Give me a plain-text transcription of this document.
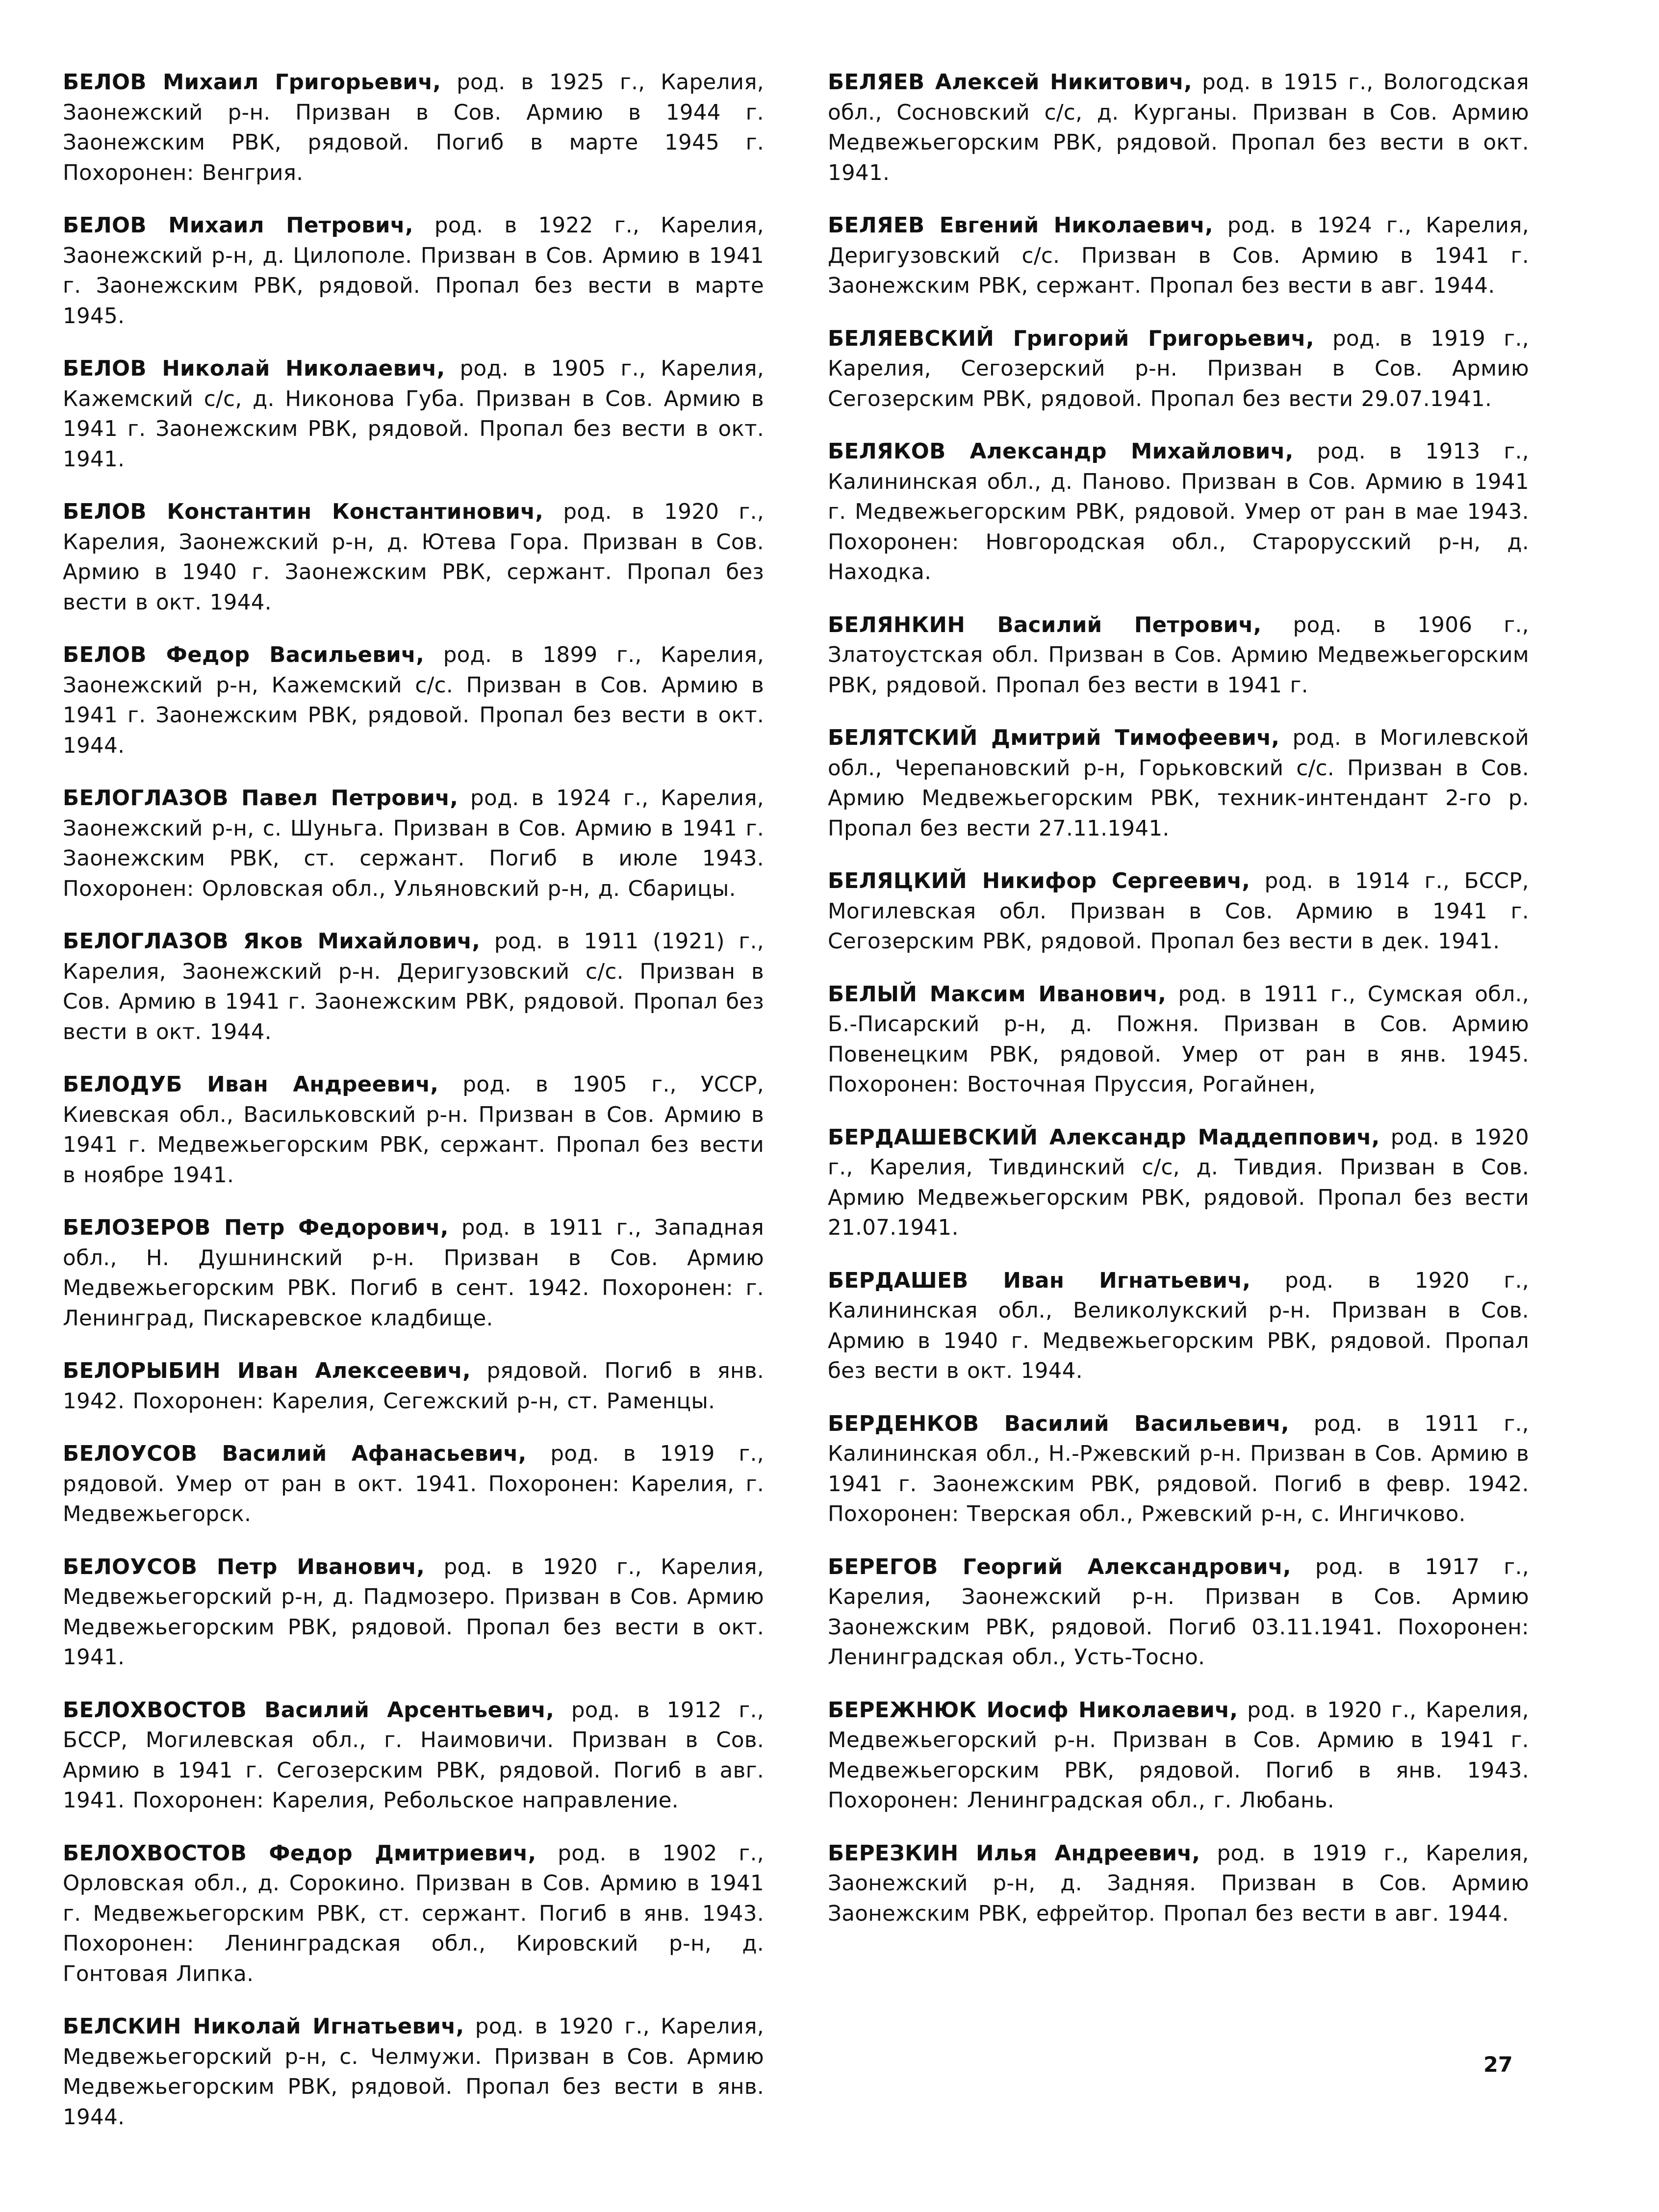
БЕЛОВ Михаил Григорьевич, род. в 1925 г., Карелия, Заонежский р-н. Призван в Сов. Армию в 1944 г. Заонежским РВК, рядовой. Погиб в марте 1945 г. Похоронен: Венгрия.

БЕЛОВ Михаил Петрович, род. в 1922 г., Карелия, Заонежский р-н, д. Цилополе. Призван в Сов. Армию в 1941 г. Заонежским РВК, рядовой. Пропал без вести в марте 1945.

БЕЛОВ Николай Николаевич, род. в 1905 г., Карелия, Кажемский с/с, д. Никонова Губа. Призван в Сов. Армию в 1941 г. Заонежским РВК, рядовой. Пропал без вести в окт. 1941.

БЕЛОВ Константин Константинович, род. в 1920 г., Карелия, Заонежский р-н, д. Ютева Гора. Призван в Сов. Армию в 1940 г. Заонежским РВК, сержант. Пропал без вести в окт. 1944.

БЕЛОВ Федор Васильевич, род. в 1899 г., Карелия, Заонежский р-н, Кажемский с/с. Призван в Сов. Армию в 1941 г. Заонежским РВК, рядовой. Пропал без вести в окт. 1944.

БЕЛОГЛАЗОВ Павел Петрович, род. в 1924 г., Карелия, Заонежский р-н, с. Шуньга. Призван в Сов. Армию в 1941 г. Заонежским РВК, ст. сержант. Погиб в июле 1943. Похоронен: Орловская обл., Ульяновский р-н, д. Сбарицы.

БЕЛОГЛАЗОВ Яков Михайлович, род. в 1911 (1921) г., Карелия, Заонежский р-н. Деригузовский с/с. Призван в Сов. Армию в 1941 г. Заонежским РВК, рядовой. Пропал без вести в окт. 1944.

БЕЛОДУБ Иван Андреевич, род. в 1905 г., УССР, Киевская обл., Васильковский р-н. Призван в Сов. Армию в 1941 г. Медвежьегорским РВК, сержант. Пропал без вести в ноябре 1941.

БЕЛОЗЕРОВ Петр Федорович, род. в 1911 г., Западная обл., Н. Душнинский р-н. Призван в Сов. Армию Медвежьегорским РВК. Погиб в сент. 1942. Похоронен: г. Ленинград, Пискаревское кладбище.

БЕЛОРЫБИН Иван Алексеевич, рядовой. Погиб в янв. 1942. Похоронен: Карелия, Сегежский р-н, ст. Раменцы.

БЕЛОУСОВ Василий Афанасьевич, род. в 1919 г., рядовой. Умер от ран в окт. 1941. Похоронен: Карелия, г. Медвежьегорск.

БЕЛОУСОВ Петр Иванович, род. в 1920 г., Карелия, Медвежьегорский р-н, д. Падмозеро. Призван в Сов. Армию Медвежьегорским РВК, рядовой. Пропал без вести в окт. 1941.

БЕЛОХВОСТОВ Василий Арсентьевич, род. в 1912 г., БССР, Могилевская обл., г. Наимовичи. Призван в Сов. Армию в 1941 г. Сегозерским РВК, рядовой. Погиб в авг. 1941. Похоронен: Карелия, Ребольское направление.

БЕЛОХВОСТОВ Федор Дмитриевич, род. в 1902 г., Орловская обл., д. Сорокино. Призван в Сов. Армию в 1941 г. Медвежьегорским РВК, ст. сержант. Погиб в янв. 1943. Похоронен: Ленинградская обл., Кировский р-н, д. Гонтовая Липка.

БЕЛСКИН Николай Игнатьевич, род. в 1920 г., Карелия, Медвежьегорский р-н, с. Челмужи. Призван в Сов. Армию Медвежьегорским РВК, рядовой. Пропал без вести в янв. 1944.

БЕЛЯЕВ Алексей Никитович, род. в 1915 г., Вологодская обл., Сосновский с/с, д. Курганы. Призван в Сов. Армию Медвежьегорским РВК, рядовой. Пропал без вести в окт. 1941.

БЕЛЯЕВ Евгений Николаевич, род. в 1924 г., Карелия, Деригузовский с/с. Призван в Сов. Армию в 1941 г. Заонежским РВК, сержант. Пропал без вести в авг. 1944.

БЕЛЯЕВСКИЙ Григорий Григорьевич, род. в 1919 г., Карелия, Сегозерский р-н. Призван в Сов. Армию Сегозерским РВК, рядовой. Пропал без вести 29.07.1941.

БЕЛЯКОВ Александр Михайлович, род. в 1913 г., Калининская обл., д. Паново. Призван в Сов. Армию в 1941 г. Медвежьегорским РВК, рядовой. Умер от ран в мае 1943. Похоронен: Новгородская обл., Старорусский р-н, д. Находка.

БЕЛЯНКИН Василий Петрович, род. в 1906 г., Златоустская обл. Призван в Сов. Армию Медвежьегорским РВК, рядовой. Пропал без вести в 1941 г.

БЕЛЯТСКИЙ Дмитрий Тимофеевич, род. в Могилевской обл., Черепановский р-н, Горьковский с/с. Призван в Сов. Армию Медвежьегорским РВК, техник-интендант 2-го р. Пропал без вести 27.11.1941.

БЕЛЯЦКИЙ Никифор Сергеевич, род. в 1914 г., БССР, Могилевская обл. Призван в Сов. Армию в 1941 г. Сегозерским РВК, рядовой. Пропал без вести в дек. 1941.

БЕЛЫЙ Максим Иванович, род. в 1911 г., Сумская обл., Б.-Писарский р-н, д. Пожня. Призван в Сов. Армию Повенецким РВК, рядовой. Умер от ран в янв. 1945. Похоронен: Восточная Пруссия, Рогайнен,

БЕРДАШЕВСКИЙ Александр Маддеппович, род. в 1920 г., Карелия, Тивдинский с/с, д. Тивдия. Призван в Сов. Армию Медвежьегорским РВК, рядовой. Пропал без вести 21.07.1941.

БЕРДАШЕВ Иван Игнатьевич, род. в 1920 г., Калининская обл., Великолукский р-н. Призван в Сов. Армию в 1940 г. Медвежьегорским РВК, рядовой. Пропал без вести в окт. 1944.

БЕРДЕНКОВ Василий Васильевич, род. в 1911 г., Калининская обл., Н.-Ржевский р-н. Призван в Сов. Армию в 1941 г. Заонежским РВК, рядовой. Погиб в февр. 1942. Похоронен: Тверская обл., Ржевский р-н, с. Ингичково.

БЕРЕГОВ Георгий Александрович, род. в 1917 г., Карелия, Заонежский р-н. Призван в Сов. Армию Заонежским РВК, рядовой. Погиб 03.11.1941. Похоронен: Ленинградская обл., Усть-Тосно.

БЕРЕЖНЮК Иосиф Николаевич, род. в 1920 г., Карелия, Медвежьегорский р-н. Призван в Сов. Армию в 1941 г. Медвежьегорским РВК, рядовой. Погиб в янв. 1943. Похоронен: Ленинградская обл., г. Любань.

БЕРЕЗКИН Илья Андреевич, род. в 1919 г., Карелия, Заонежский р-н, д. Задняя. Призван в Сов. Армию Заонежским РВК, ефрейтор. Пропал без вести в авг. 1944.

27
